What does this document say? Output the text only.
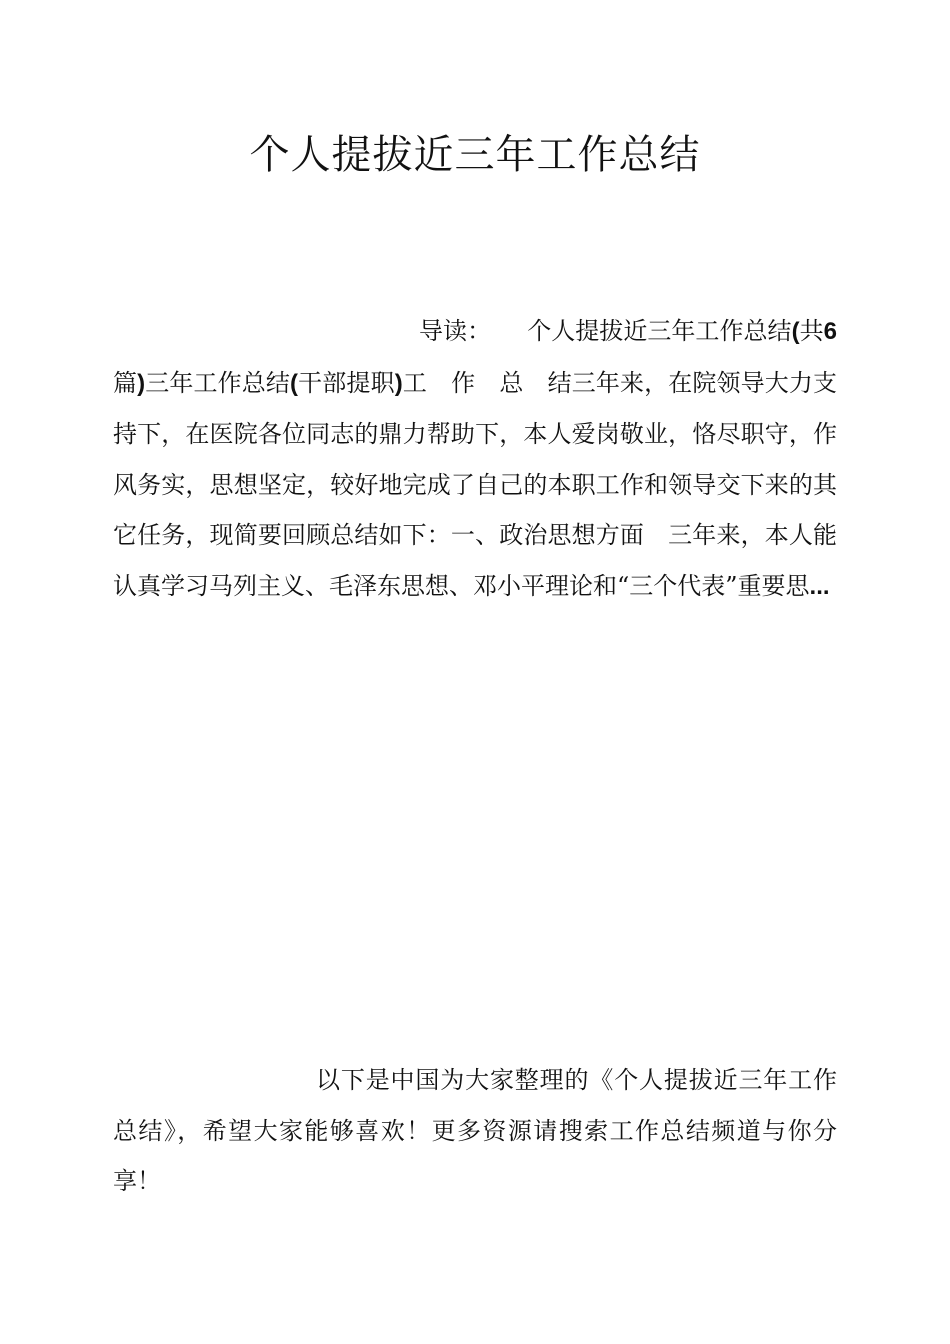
个人提拔近三年工作总结

导读：　　 个人提拔近三年工作总结(共6 篇)三年工作总结(干部提职)工　作　总　结三年来，在院领导大力支持下，在医院各位同志的鼎力帮助下，本人爱岗敬业，恪尽职守，作风务实，思想坚定，较好地完成了自己的本职工作和领导交下来的其它任务，现简要回顾总结如下：一、政治思想方面　三年来，本人能认真学习马列主义、毛泽东思想、邓小平理论和“三个代表”重要思...

以下是中国为大家整理的《个人提拔近三年工作总结》，希望大家能够喜欢！更多资源请搜索工作总结频道与你分享！
